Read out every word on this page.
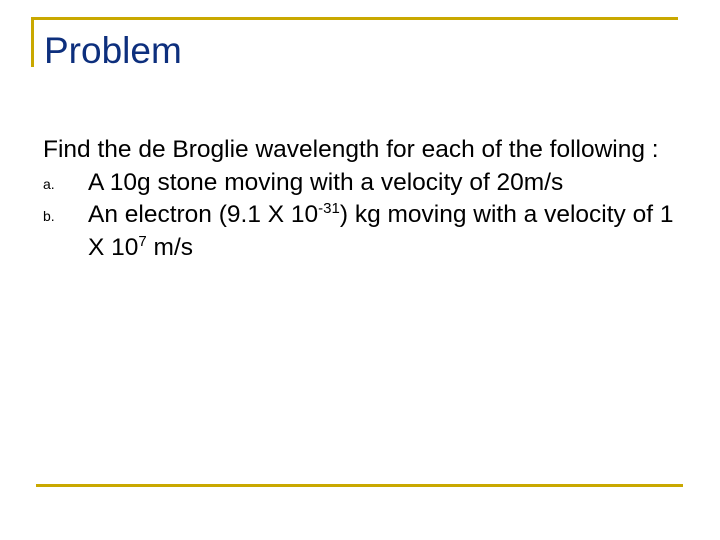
Problem

Find the de Broglie wavelength for each of the following :

a. A 10g stone moving with a velocity of 20m/s

b. An electron (9.1 X $10^{-31}$) kg moving with a velocity of 1 X $10^7$ m/s
